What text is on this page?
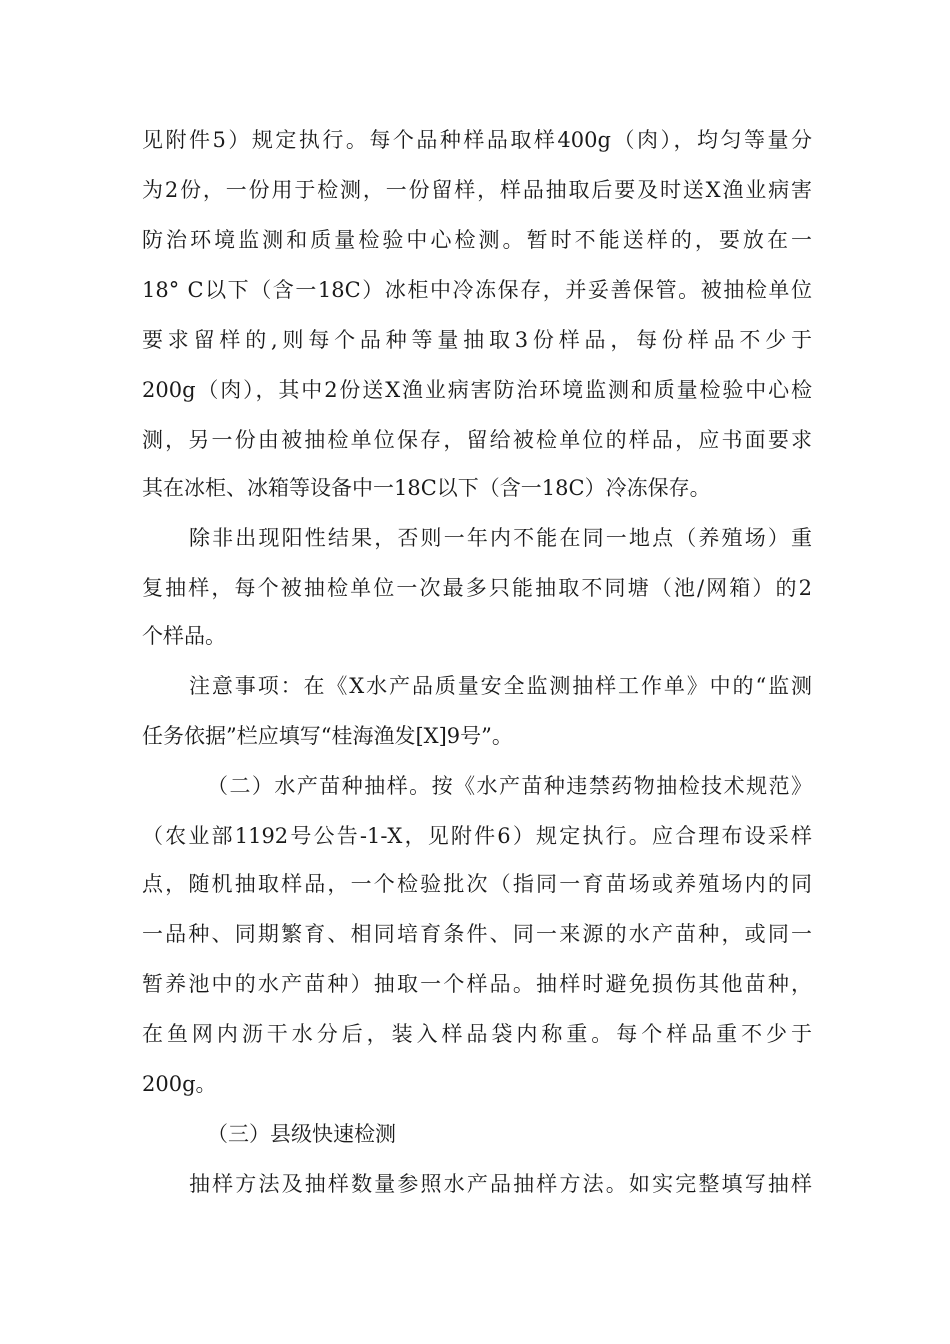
见附件5）规定执行。每个品种样品取样400g（肉），均匀等量分
为2份，一份用于检测，一份留样，样品抽取后要及时送X渔业病害
防治环境监测和质量检验中心检测。暂时不能送样的，要放在一
18° C以下（含一18C）冰柜中冷冻保存，并妥善保管。被抽检单位
要求留样的,则每个品种等量抽取3份样品，每份样品不少于
200g（肉），其中2份送X渔业病害防治环境监测和质量检验中心检
测，另一份由被抽检单位保存，留给被检单位的样品，应书面要求
其在冰柜、冰箱等设备中一18C以下（含一18C）冷冻保存。
除非出现阳性结果，否则一年内不能在同一地点（养殖场）重
复抽样，每个被抽检单位一次最多只能抽取不同塘（池/网箱）的2
个样品。
注意事项：在《X水产品质量安全监测抽样工作单》中的“监测
任务依据”栏应填写“桂海渔发[X]9号”。
（二）水产苗种抽样。按《水产苗种违禁药物抽检技术规范》
（农业部1192号公告-1-X，见附件6）规定执行。应合理布设采样
点，随机抽取样品，一个检验批次（指同一育苗场或养殖场内的同
一品种、同期繁育、相同培育条件、同一来源的水产苗种，或同一
暂养池中的水产苗种）抽取一个样品。抽样时避免损伤其他苗种，
在鱼网内沥干水分后，装入样品袋内称重。每个样品重不少于
200g。
（三）县级快速检测
抽样方法及抽样数量参照水产品抽样方法。如实完整填写抽样
